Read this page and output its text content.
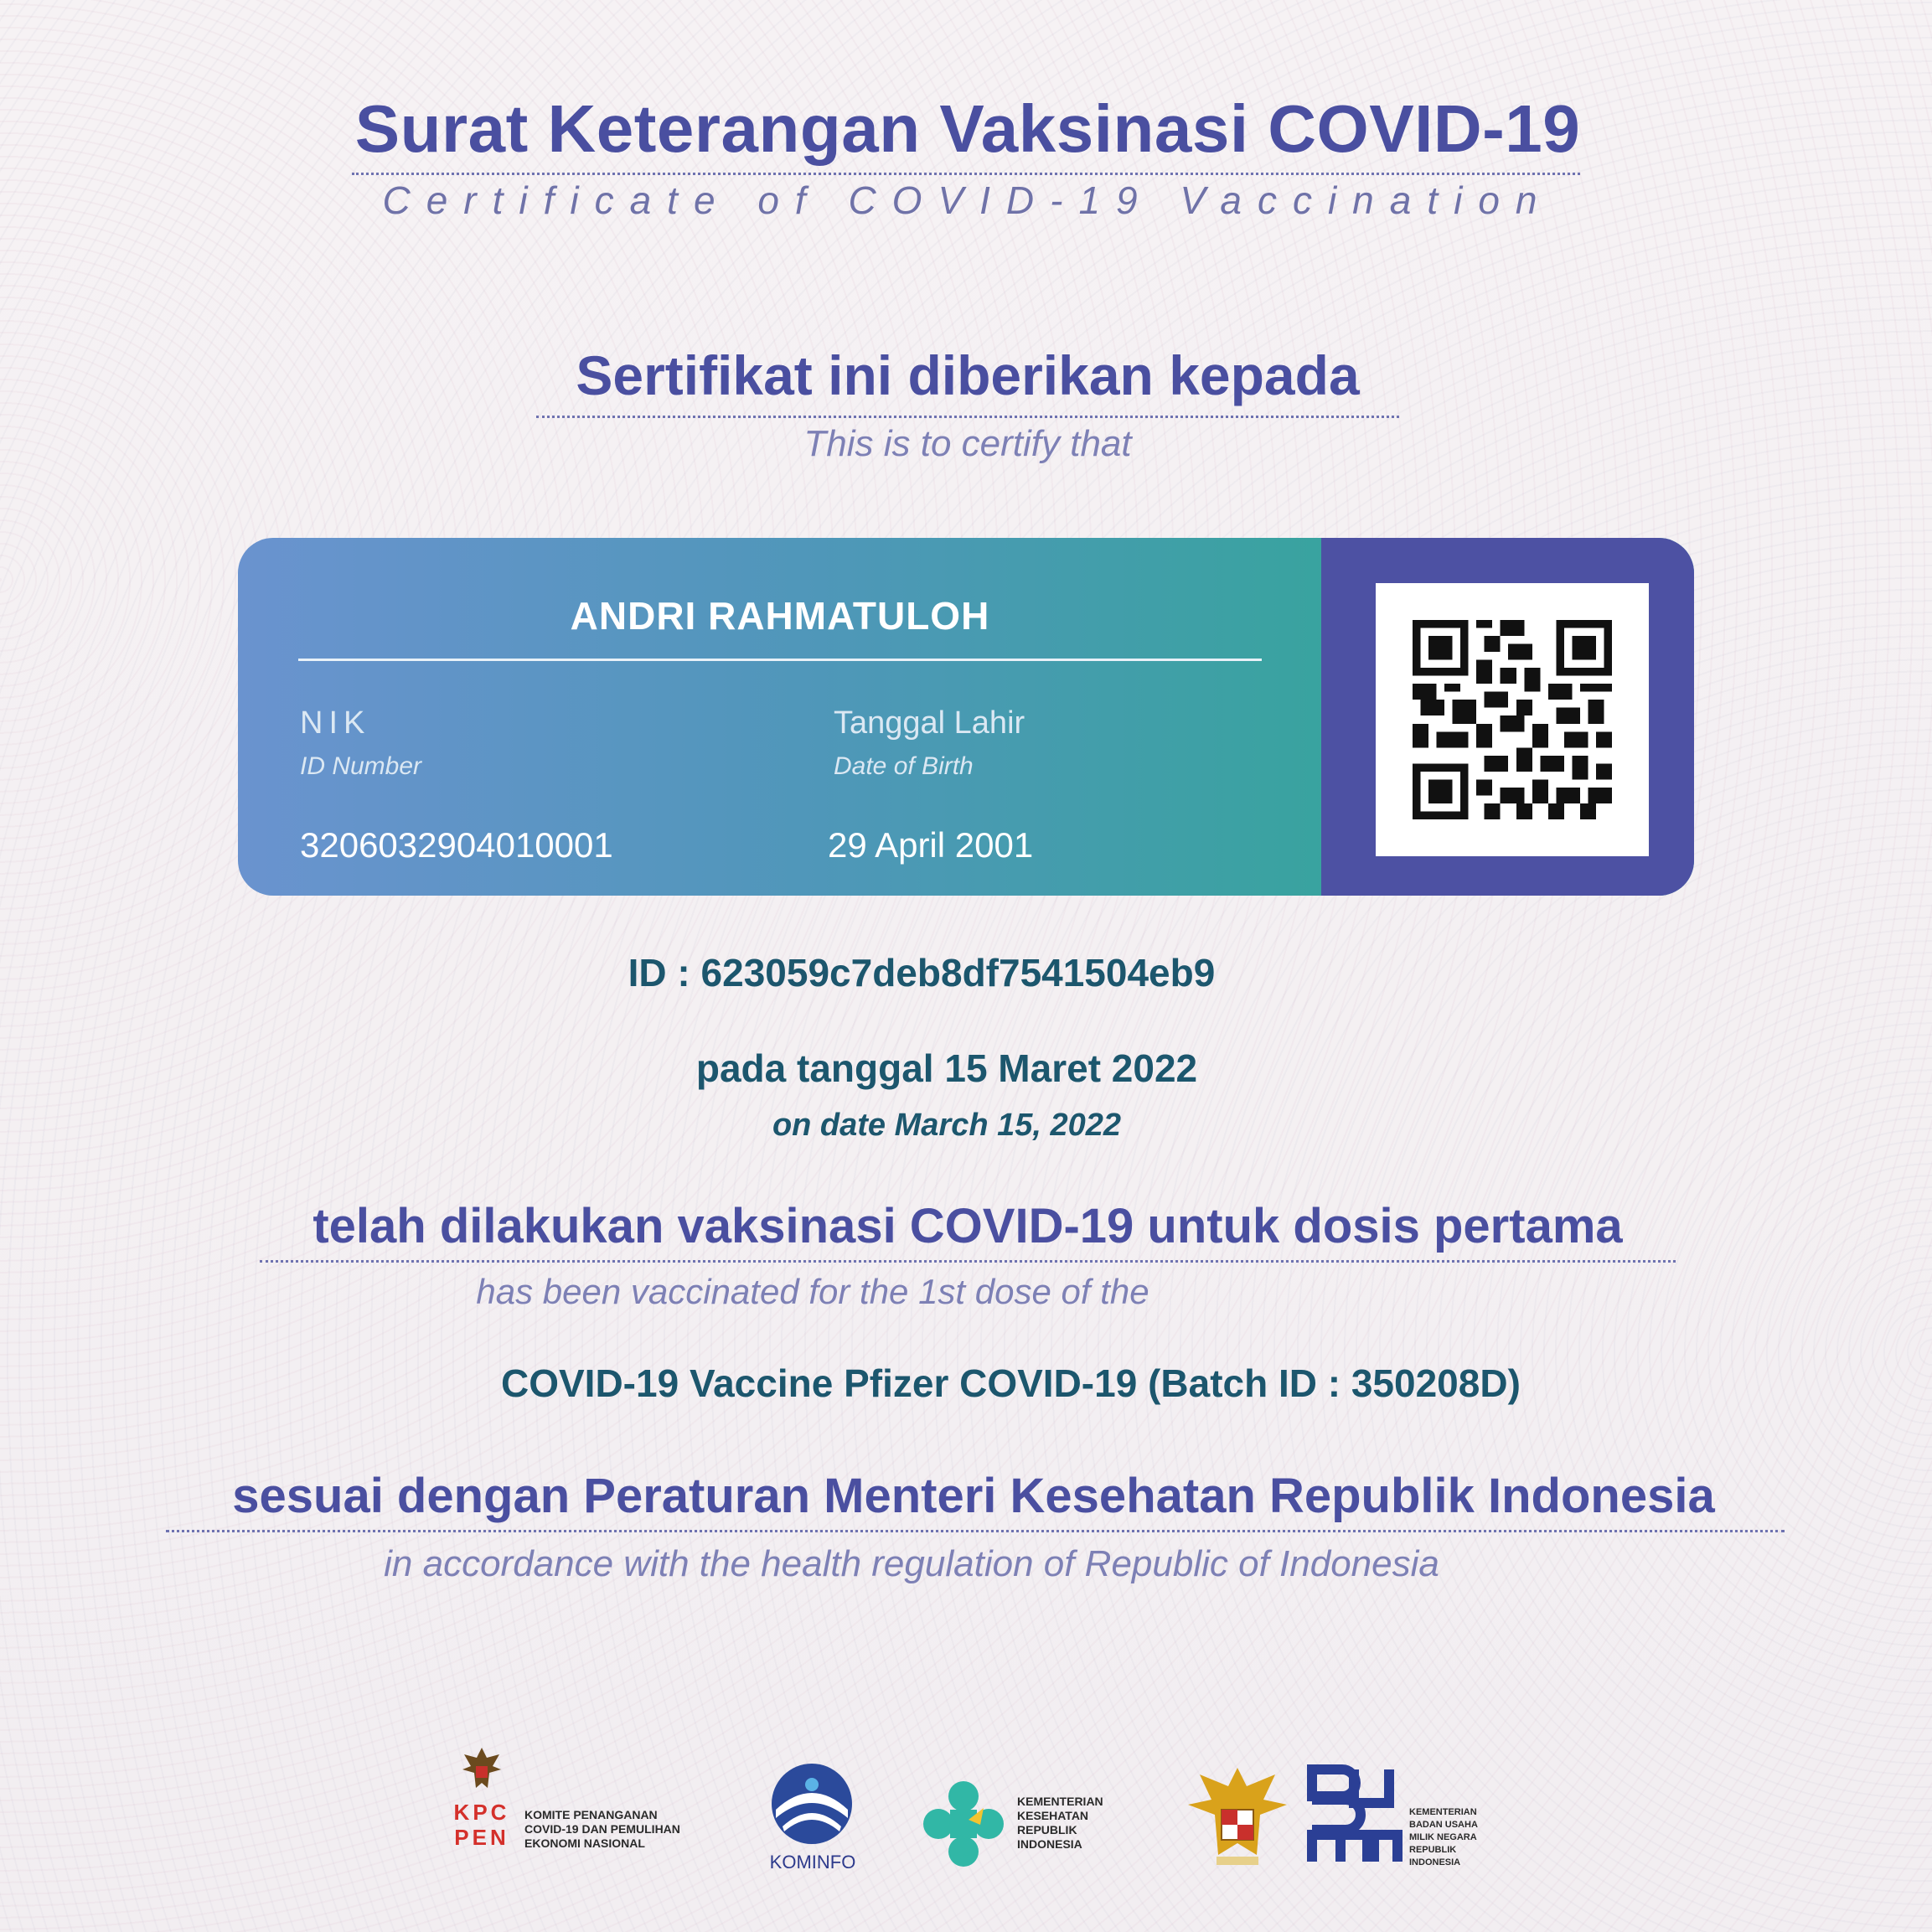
Surat Keterangan Vaksinasi COVID-19
Certificate of COVID-19 Vaccination
Sertifikat ini diberikan kepada
This is to certify that
ANDRI RAHMATULOH
NIK
ID Number
3206032904010001
Tanggal Lahir
Date of Birth
29 April 2001
ID : 623059c7deb8df7541504eb9
pada tanggal 15 Maret 2022
on date March 15, 2022
telah dilakukan vaksinasi COVID-19 untuk dosis pertama
has been vaccinated for the 1st dose of the
COVID-19 Vaccine Pfizer COVID-19 (Batch ID : 350208D)
sesuai dengan Peraturan Menteri Kesehatan Republik Indonesia
in accordance with the health regulation of Republic of Indonesia
KPC
PEN
KOMITE PENANGANAN
COVID-19 DAN PEMULIHAN
EKONOMI NASIONAL
KOMINFO
KEMENTERIAN
KESEHATAN
REPUBLIK
INDONESIA
KEMENTERIAN
BADAN USAHA
MILIK NEGARA
REPUBLIK
INDONESIA
